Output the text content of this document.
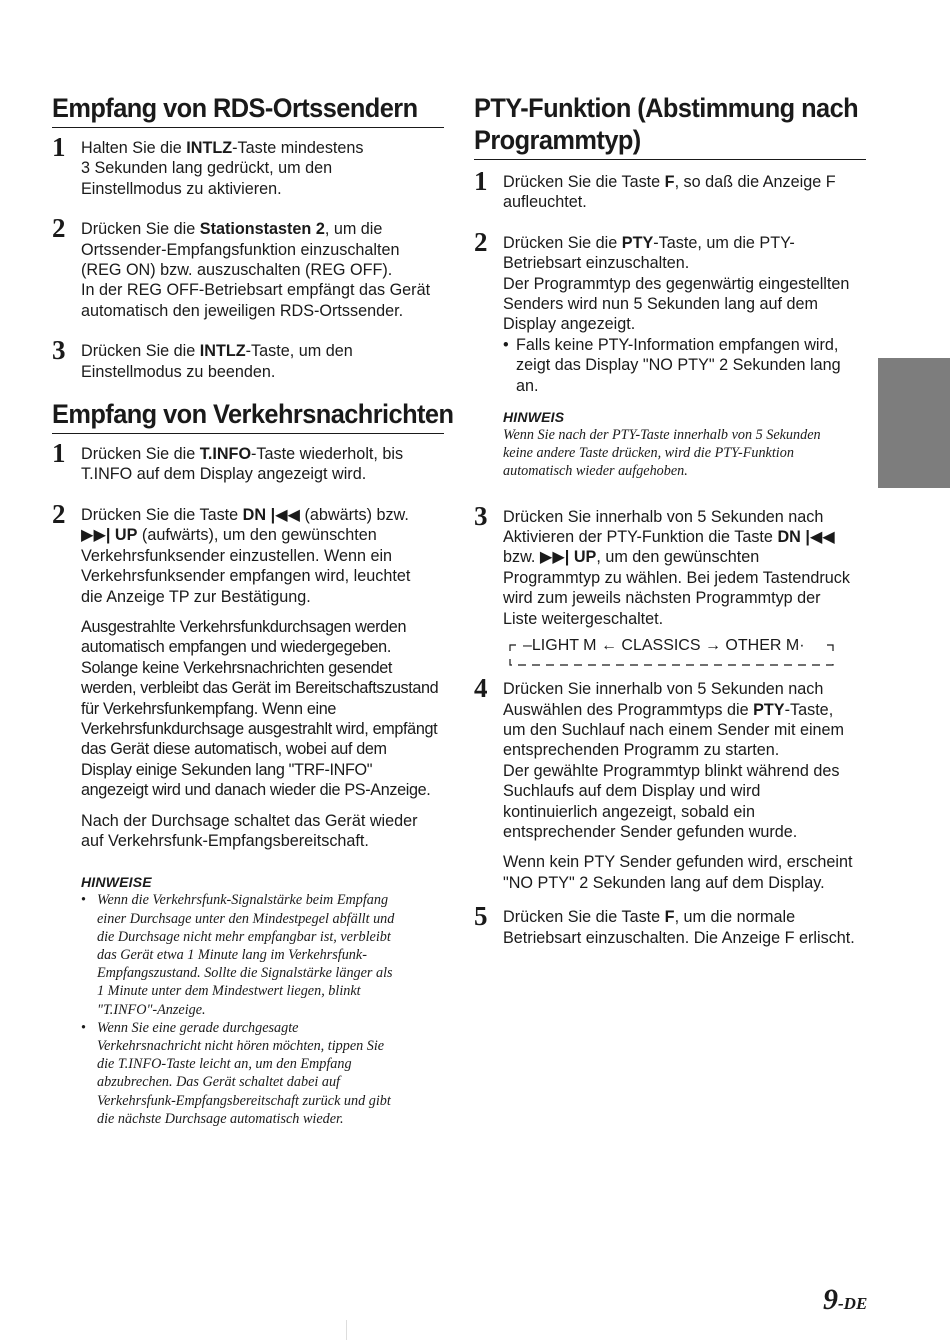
Empfang von RDS-Ortssendern
1 Halten Sie die INTLZ-Taste mindestens
3 Sekunden lang gedrückt, um den
Einstellmodus zu aktivieren.
2 Drücken Sie die Stationstasten 2, um die
Ortssender-Empfangsfunktion einzuschalten
(REG ON) bzw. auszuschalten (REG OFF).
In der REG OFF-Betriebsart empfängt das Gerät
automatisch den jeweiligen RDS-Ortssender.
3 Drücken Sie die INTLZ-Taste, um den
Einstellmodus zu beenden.
Empfang von Verkehrsnachrichten
1 Drücken Sie die T.INFO-Taste wiederholt, bis
T.INFO auf dem Display angezeigt wird.
2 Drücken Sie die Taste DN |◀◀ (abwärts) bzw.
▶▶| UP (aufwärts), um den gewünschten
Verkehrsfunksender einzustellen. Wenn ein
Verkehrsfunksender empfangen wird, leuchtet
die Anzeige TP zur Bestätigung.
Ausgestrahlte Verkehrsfunkdurchsagen werden
automatisch empfangen und wiedergegeben.
Solange keine Verkehrsnachrichten gesendet
werden, verbleibt das Gerät im Bereitschaftszustand
für Verkehrsfunkempfang. Wenn eine
Verkehrsfunkdurchsage ausgestrahlt wird, empfängt
das Gerät diese automatisch, wobei auf dem
Display einige Sekunden lang "TRF-INFO"
angezeigt wird und danach wieder die PS-Anzeige.
Nach der Durchsage schaltet das Gerät wieder
auf Verkehrsfunk-Empfangsbereitschaft.
HINWEISE
• Wenn die Verkehrsfunk-Signalstärke beim Empfang
einer Durchsage unter den Mindestpegel abfällt und
die Durchsage nicht mehr empfangbar ist, verbleibt
das Gerät etwa 1 Minute lang im Verkehrsfunk-
Empfangszustand. Sollte die Signalstärke länger als
1 Minute unter dem Mindestwert liegen, blinkt
"T.INFO"-Anzeige.
• Wenn Sie eine gerade durchgesagte
Verkehrsnachricht nicht hören möchten, tippen Sie
die T.INFO-Taste leicht an, um den Empfang
abzubrechen. Das Gerät schaltet dabei auf
Verkehrsfunk-Empfangsbereitschaft zurück und gibt
die nächste Durchsage automatisch wieder.
PTY-Funktion (Abstimmung nach
Programmtyp)
1 Drücken Sie die Taste F, so daß die Anzeige F
aufleuchtet.
2 Drücken Sie die PTY-Taste, um die PTY-
Betriebsart einzuschalten.
Der Programmtyp des gegenwärtig eingestellten
Senders wird nun 5 Sekunden lang auf dem
Display angezeigt.
• Falls keine PTY-Information empfangen wird,
zeigt das Display "NO PTY" 2 Sekunden lang
an.
HINWEIS
Wenn Sie nach der PTY-Taste innerhalb von 5 Sekunden
keine andere Taste drücken, wird die PTY-Funktion
automatisch wieder aufgehoben.
3 Drücken Sie innerhalb von 5 Sekunden nach
Aktivieren der PTY-Funktion die Taste DN |◀◀
bzw. ▶▶| UP, um den gewünschten
Programmtyp zu wählen. Bei jedem Tastendruck
wird zum jeweils nächsten Programmtyp der
Liste weitergeschaltet.
–LIGHT M ← CLASSICS → OTHER M·
4 Drücken Sie innerhalb von 5 Sekunden nach
Auswählen des Programmtyps die PTY-Taste,
um den Suchlauf nach einem Sender mit einem
entsprechenden Programm zu starten.
Der gewählte Programmtyp blinkt während des
Suchlaufs auf dem Display und wird
kontinuierlich angezeigt, sobald ein
entsprechender Sender gefunden wurde.
Wenn kein PTY Sender gefunden wird, erscheint
"NO PTY" 2 Sekunden lang auf dem Display.
5 Drücken Sie die Taste F, um die normale
Betriebsart einzuschalten. Die Anzeige F erlischt.
9-DE
